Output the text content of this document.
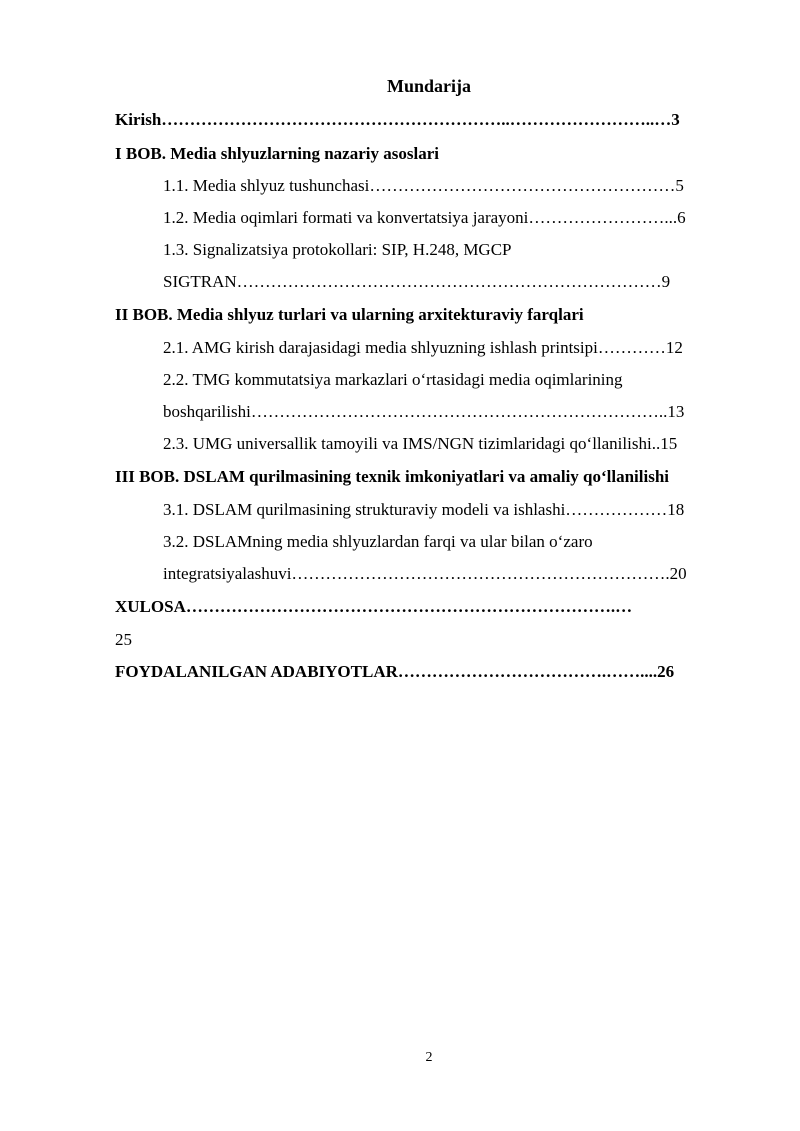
Mundarija
Kirish……………………………………………………..……………………..…3
I BOB. Media shlyuzlarning nazariy asoslari
1.1. Media shlyuz tushunchasi………………………………………………5
1.2. Media oqimlari formati va konvertatsiya jarayoni……………………...6
1.3. Signalizatsiya protokollari: SIP, H.248, MGCP
SIGTRAN…………………………………………………………………9
II BOB. Media shlyuz turlari va ularning arxitekturaviy farqlari
2.1. AMG kirish darajasidagi media shlyuzning ishlash printsipi…………12
2.2. TMG kommutatsiya markazlari o‘rtasidagi media oqimlarining
boshqarilishi………………………………………………………………..13
2.3. UMG universallik tamoyili va IMS/NGN tizimlaridagi qo‘llanilishi..15
III BOB. DSLAM qurilmasining texnik imkoniyatlari va amaliy qo‘llanilishi
3.1. DSLAM qurilmasining strukturaviy modeli va ishlashi………………18
3.2. DSLAMning media shlyuzlardan farqi va ular bilan o‘zaro
integratsiyalashuvi………………………………………………………….20
XULOSA………………………………………………………………….…
25
FOYDALANILGAN ADABIYOTLAR……………………………….……....26
2
